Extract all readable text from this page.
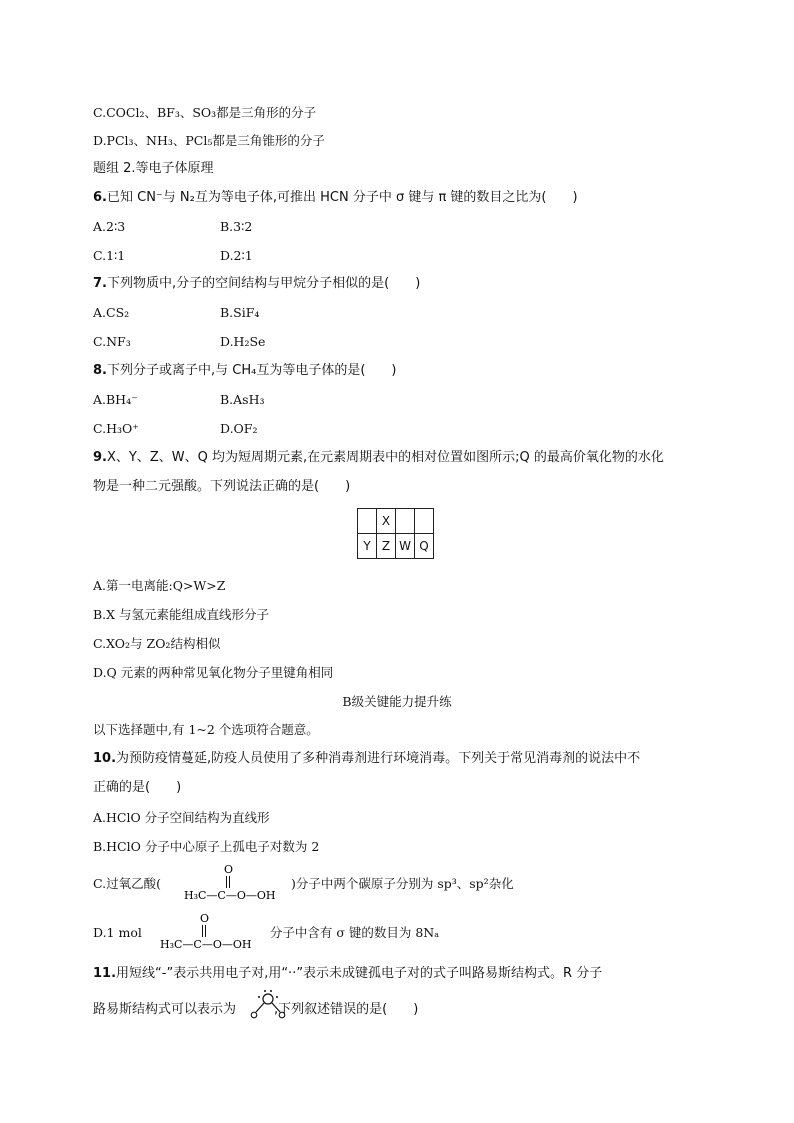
C.COCl₂、BF₃、SO₃都是三角形的分子
D.PCl₃、NH₃、PCl₅都是三角锥形的分子
题组 2.等电子体原理
6.已知 CN⁻与 N₂互为等电子体,可推出 HCN 分子中 σ 键与 π 键的数目之比为(　　)
A.2∶3	B.3∶2
C.1∶1	D.2∶1
7.下列物质中,分子的空间结构与甲烷分子相似的是(　　)
A.CS₂	B.SiF₄
C.NF₃	D.H₂Se
8.下列分子或离子中,与 CH₄互为等电子体的是(　　)
A.BH₄⁻	B.AsH₃
C.H₃O⁺	D.OF₂
9.X、Y、Z、W、Q 均为短周期元素,在元素周期表中的相对位置如图所示;Q 的最高价氧化物的水化
物是一种二元强酸。下列说法正确的是(　　)
	X		
Y	Z	W	Q
A.第一电离能:Q>W>Z
B.X 与氢元素能组成直线形分子
C.XO₂与 ZO₂结构相似
D.Q 元素的两种常见氧化物分子里键角相同
B级关键能力提升练
以下选择题中,有 1~2 个选项符合题意。
10.为预防疫情蔓延,防疫人员使用了多种消毒剂进行环境消毒。下列关于常见消毒剂的说法中不
正确的是(　　)
A.HClO 分子空间结构为直线形
B.HClO 分子中心原子上孤电子对数为 2
C.过氧乙酸(	)分子中两个碳原子分别为 sp³、sp²杂化
O
H₃C—C—O—OH
D.1 mol	分子中含有 σ 键的数目为 8Nₐ
O
H₃C—C—O—OH
11.用短线“-”表示共用电子对,用“··”表示未成键孤电子对的式子叫路易斯结构式。R 分子
路易斯结构式可以表示为	,下列叙述错误的是(　　)
